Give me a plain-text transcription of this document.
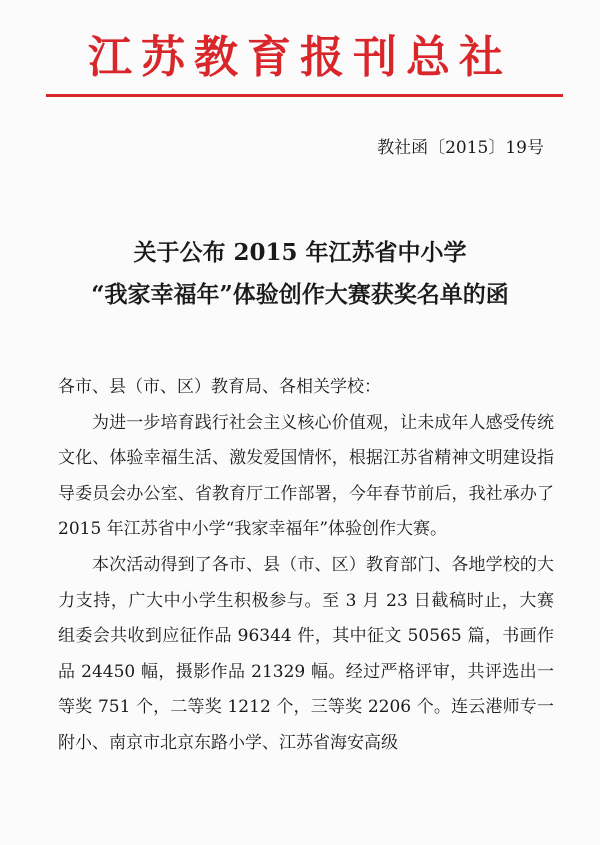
江苏教育报刊总社
教社函〔2015〕19号
关于公布 2015 年江苏省中小学
“我家幸福年”体验创作大赛获奖名单的函

各市、县（市、区）教育局、各相关学校：

为进一步培育践行社会主义核心价值观，让未成年人感受传统文化、体验幸福生活、激发爱国情怀，根据江苏省精神文明建设指导委员会办公室、省教育厅工作部署，今年春节前后，我社承办了 2015 年江苏省中小学“我家幸福年”体验创作大赛。

本次活动得到了各市、县（市、区）教育部门、各地学校的大力支持，广大中小学生积极参与。至 3 月 23 日截稿时止，大赛组委会共收到应征作品 96344 件，其中征文 50565 篇，书画作品 24450 幅，摄影作品 21329 幅。经过严格评审，共评选出一等奖 751 个，二等奖 1212 个，三等奖 2206 个。连云港师专一附小、南京市北京东路小学、江苏省海安高级
